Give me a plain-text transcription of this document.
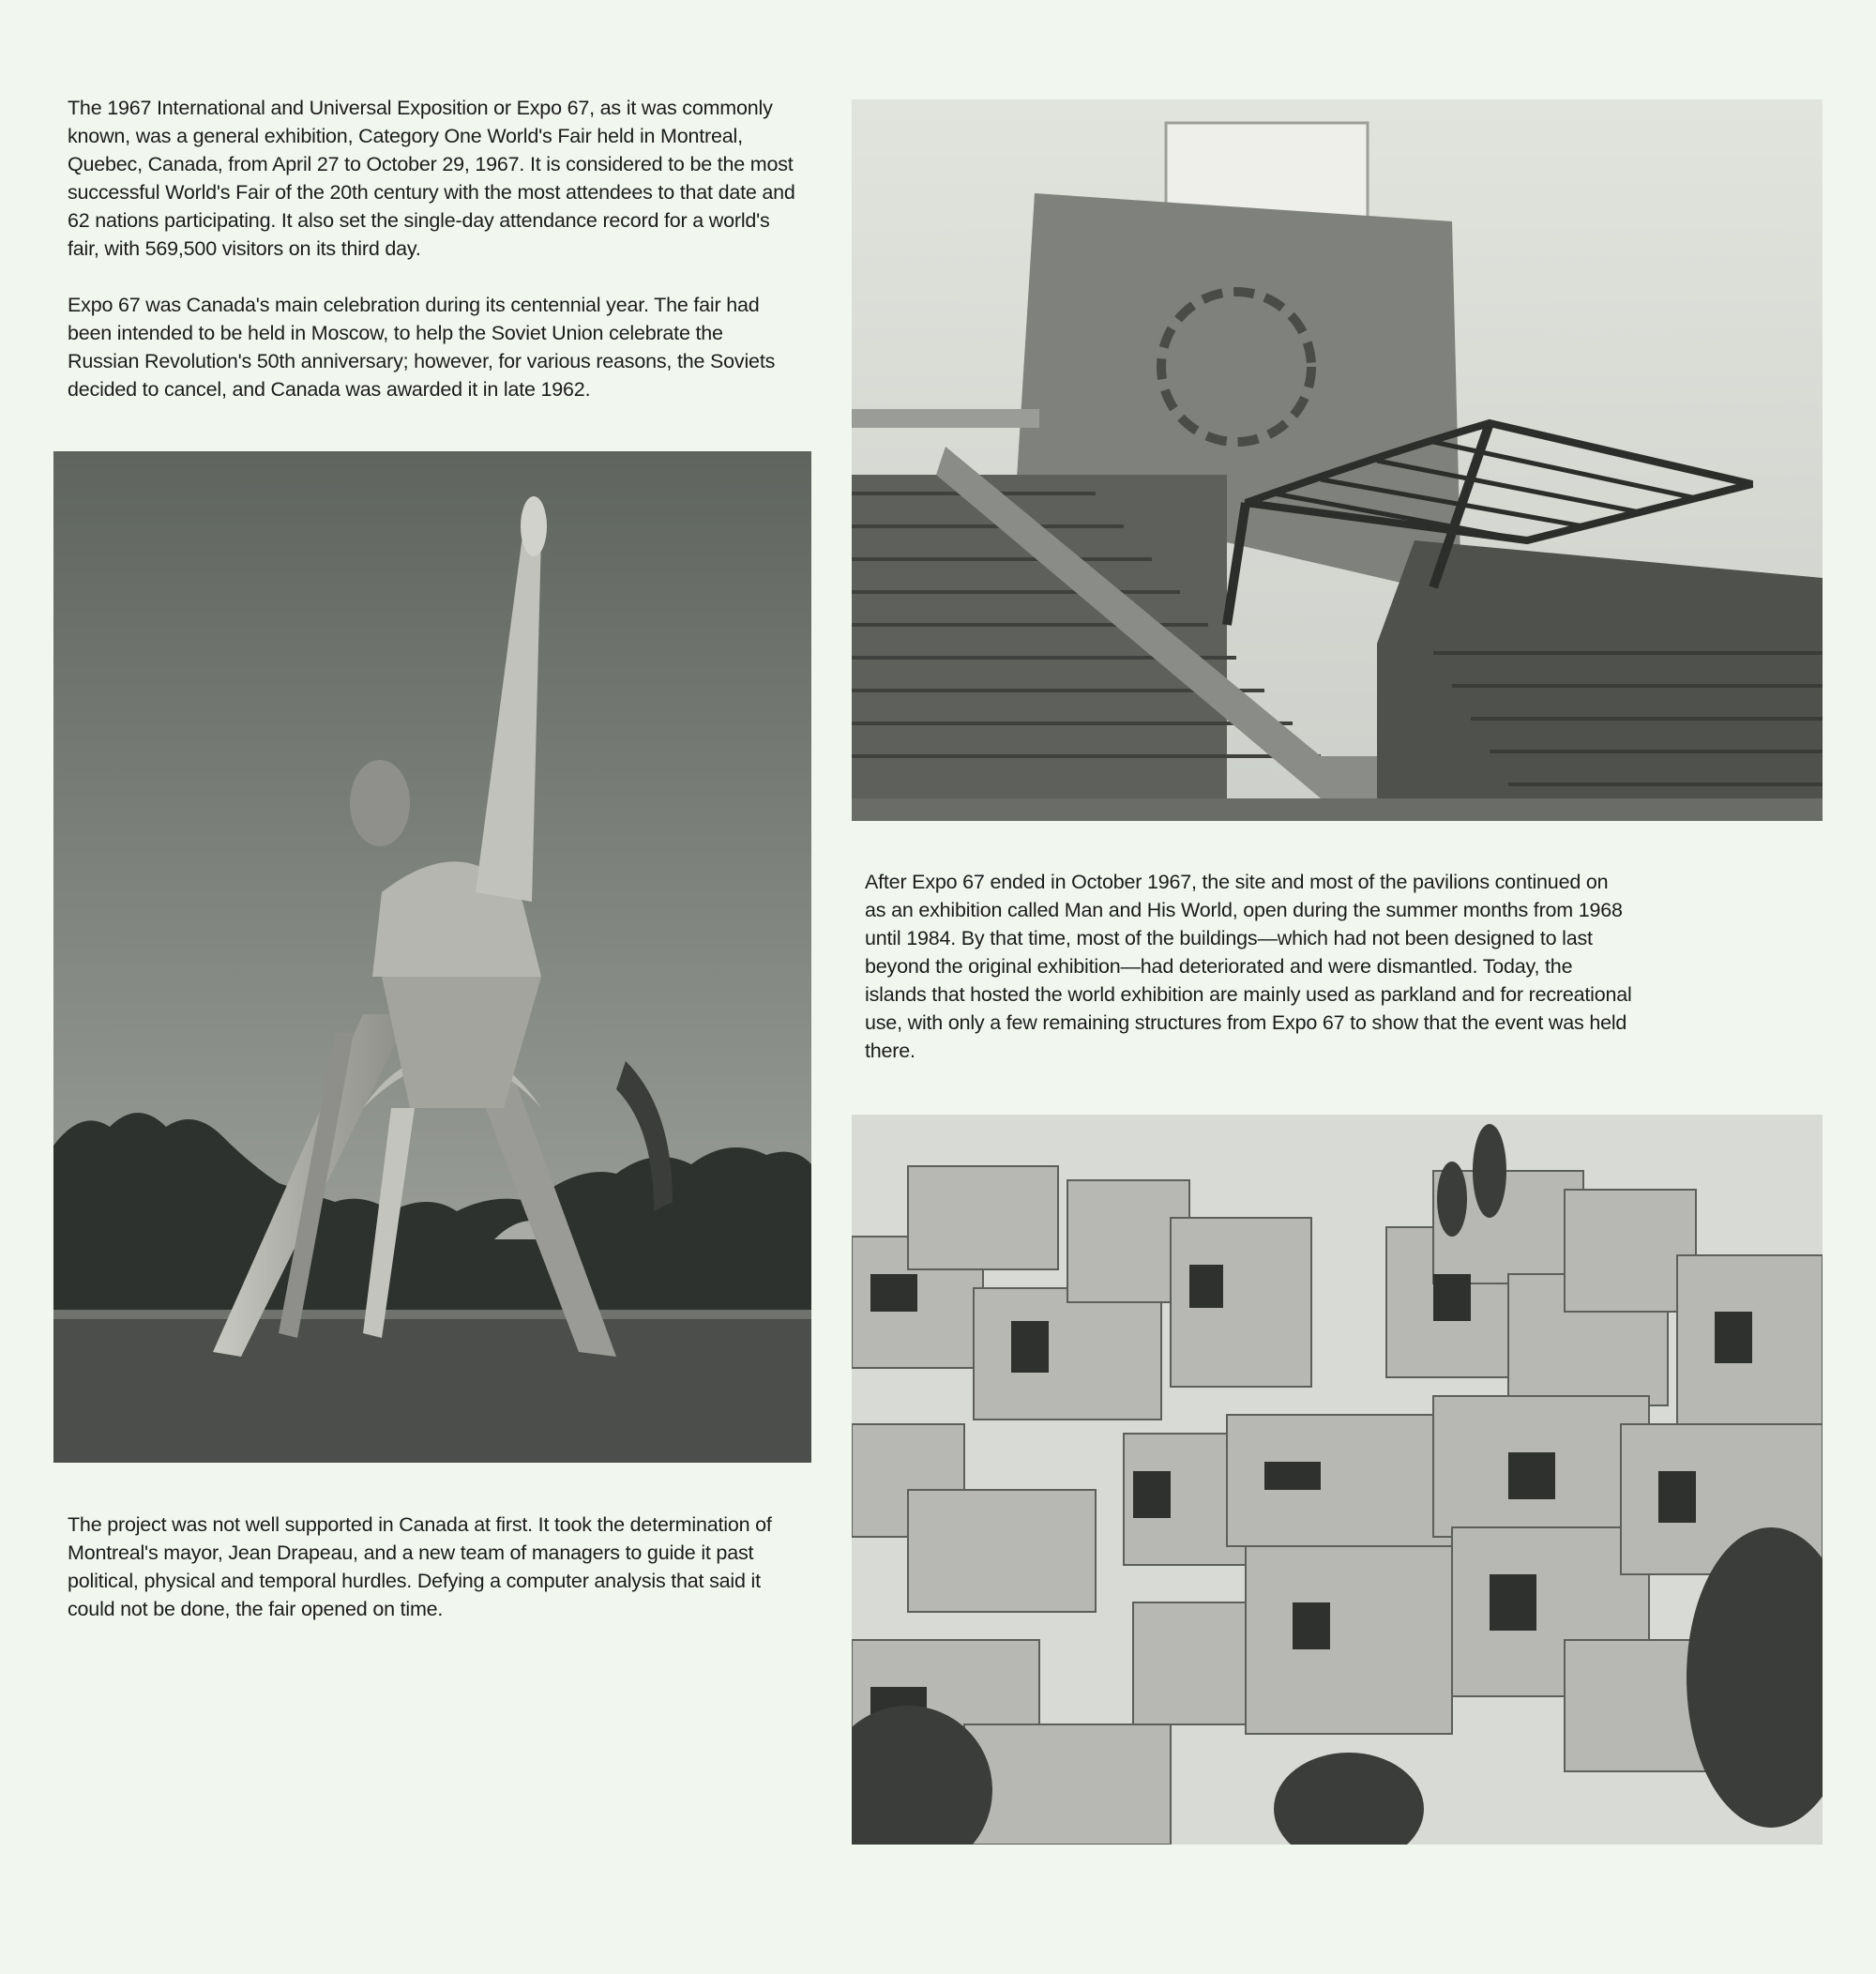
The 1967 International and Universal Exposition or Expo 67, as it was commonly known, was a general exhibition, Category One World's Fair held in Montreal, Quebec, Canada, from April 27 to October 29, 1967. It is considered to be the most successful World's Fair of the 20th century with the most attendees to that date and 62 nations participating. It also set the single-day attendance record for a world's fair, with 569,500 visitors on its third day.

Expo 67 was Canada's main celebration during its centennial year. The fair had been intended to be held in Moscow, to help the Soviet Union celebrate the Russian Revolution's 50th anniversary; however, for various reasons, the Soviets decided to cancel, and Canada was awarded it in late 1962.

After Expo 67 ended in October 1967, the site and most of the pavilions continued on as an exhibition called Man and His World, open during the summer months from 1968 until 1984. By that time, most of the buildings—which had not been designed to last beyond the original exhibition—had deteriorated and were dismantled. Today, the islands that hosted the world exhibition are mainly used as parkland and for recreational use, with only a few remaining structures from Expo 67 to show that the event was held there.

The project was not well supported in Canada at first. It took the determination of Montreal's mayor, Jean Drapeau, and a new team of managers to guide it past political, physical and temporal hurdles. Defying a computer analysis that said it could not be done, the fair opened on time.
